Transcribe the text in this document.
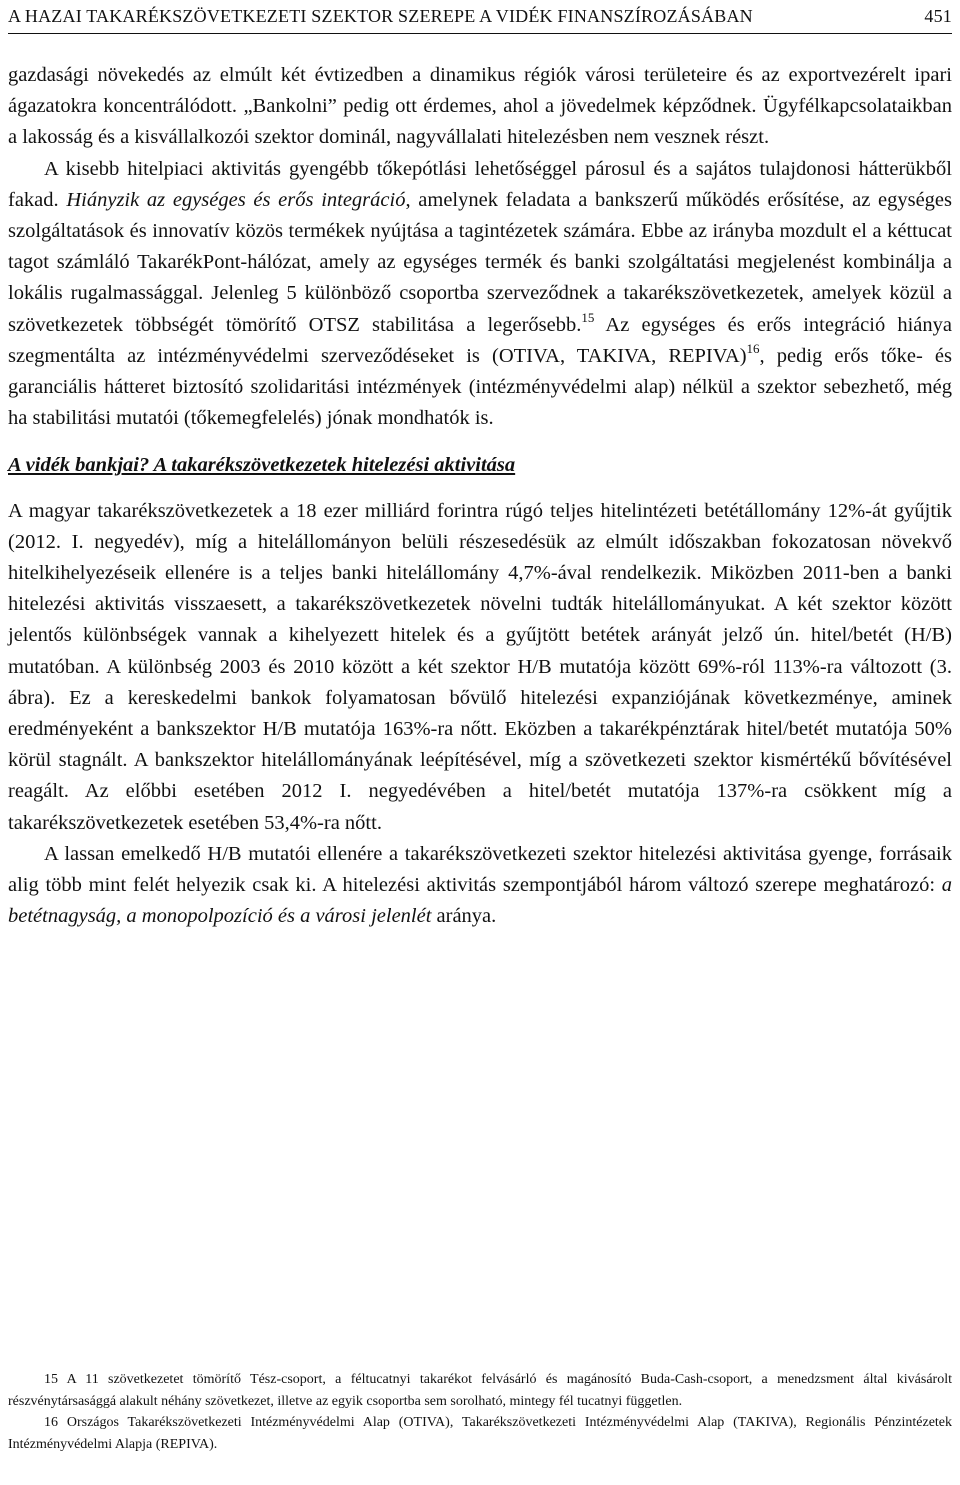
A HAZAI TAKARÉKSZÖVETKEZETI SZEKTOR SZEREPE A VIDÉK FINANSZÍROZÁSÁBAN	451

gazdasági növekedés az elmúlt két évtizedben a dinamikus régiók városi területeire és az exportvezérelt ipari ágazatokra koncentrálódott. „Bankolni” pedig ott érdemes, ahol a jövedelmek képződnek. Ügyfélkapcsolataikban a lakosság és a kisvállalkozói szektor dominál, nagyvállalati hitelezésben nem vesznek részt.

A kisebb hitelpiaci aktivitás gyengébb tőkepótlási lehetőséggel párosul és a sajátos tulajdonosi hátterükből fakad. Hiányzik az egységes és erős integráció, amelynek feladata a bankszerű működés erősítése, az egységes szolgáltatások és innovatív közös termékek nyújtása a tagintézetek számára. Ebbe az irányba mozdult el a kéttucat tagot számláló TakarékPont-hálózat, amely az egységes termék és banki szolgáltatási megjelenést kombinálja a lokális rugalmassággal. Jelenleg 5 különböző csoportba szerveződnek a takarékszövetkezetek, amelyek közül a szövetkezetek többségét tömörítő OTSZ stabilitása a legerősebb.$^{15}$ Az egységes és erős integráció hiánya szegmentálta az intézményvédelmi szerveződéseket is (OTIVA, TAKIVA, REPIVA)$^{16}$, pedig erős tőke- és garanciális hátteret biztosító szolidaritási intézmények (intézményvédelmi alap) nélkül a szektor sebezhető, még ha stabilitási mutatói (tőkemegfelelés) jónak mondhatók is.

A vidék bankjai? A takarékszövetkezetek hitelezési aktivitása

A magyar takarékszövetkezetek a 18 ezer milliárd forintra rúgó teljes hitelintézeti betétállomány 12%-át gyűjtik (2012. I. negyedév), míg a hitelállományon belüli részesedésük az elmúlt időszakban fokozatosan növekvő hitelkihelyezéseik ellenére is a teljes banki hitelállomány 4,7%-ával rendelkezik. Miközben 2011-ben a banki hitelezési aktivitás visszaesett, a takarékszövetkezetek növelni tudták hitelállományukat. A két szektor között jelentős különbségek vannak a kihelyezett hitelek és a gyűjtött betétek arányát jelző ún. hitel/betét (H/B) mutatóban. A különbség 2003 és 2010 között a két szektor H/B mutatója között 69%-ról 113%-ra változott (3. ábra). Ez a kereskedelmi bankok folyamatosan bővülő hitelezési expanziójának következménye, aminek eredményeként a bankszektor H/B mutatója 163%-ra nőtt. Eközben a takarékpénztárak hitel/betét mutatója 50% körül stagnált. A bankszektor hitelállományának leépítésével, míg a szövetkezeti szektor kismértékű bővítésével reagált. Az előbbi esetében 2012 I. negyedévében a hitel/betét mutatója 137%-ra csökkent míg a takarékszövetkezetek esetében 53,4%-ra nőtt.

A lassan emelkedő H/B mutatói ellenére a takarékszövetkezeti szektor hitelezési aktivitása gyenge, forrásaik alig több mint felét helyezik csak ki. A hitelezési aktivitás szempontjából három változó szerepe meghatározó: a betétnagyság, a monopolpozíció és a városi jelenlét aránya.

15 A 11 szövetkezetet tömörítő Tész-csoport, a féltucatnyi takarékot felvásárló és magánosító Buda-Cash-csoport, a menedzsment által kivásárolt részvénytársasággá alakult néhány szövetkezet, illetve az egyik csoportba sem sorolható, mintegy fél tucatnyi független.

16 Országos Takarékszövetkezeti Intézményvédelmi Alap (OTIVA), Takarékszövetkezeti Intézményvédelmi Alap (TAKIVA), Regionális Pénzintézetek Intézményvédelmi Alapja (REPIVA).
